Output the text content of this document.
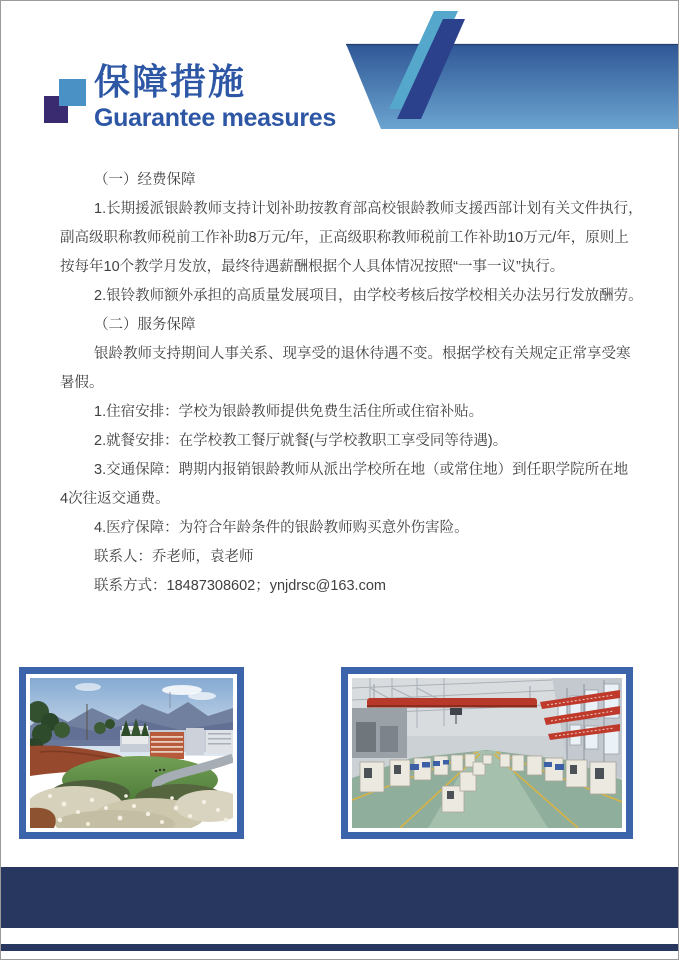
保障措施
Guarantee measures
（一）经费保障
1.长期援派银龄教师支持计划补助按教育部高校银龄教师支援西部计划有关文件执行，
副高级职称教师税前工作补助8万元/年，正高级职称教师税前工作补助10万元/年，原则上
按每年10个教学月发放，最终待遇薪酬根据个人具体情况按照“一事一议”执行。
2.银铃教师额外承担的高质量发展项目，由学校考核后按学校相关办法另行发放酬劳。
（二）服务保障
银龄教师支持期间人事关系、现享受的退休待遇不变。根据学校有关规定正常享受寒
暑假。
1.住宿安排：学校为银龄教师提供免费生活住所或住宿补贴。
2.就餐安排：在学校教工餐厅就餐(与学校教职工享受同等待遇)。
3.交通保障：聘期内报销银龄教师从派出学校所在地（或常住地）到任职学院所在地
4次往返交通费。
4.医疗保障：为符合年龄条件的银龄教师购买意外伤害险。
联系人：乔老师，袁老师
联系方式：18487308602；ynjdrsc@163.com
